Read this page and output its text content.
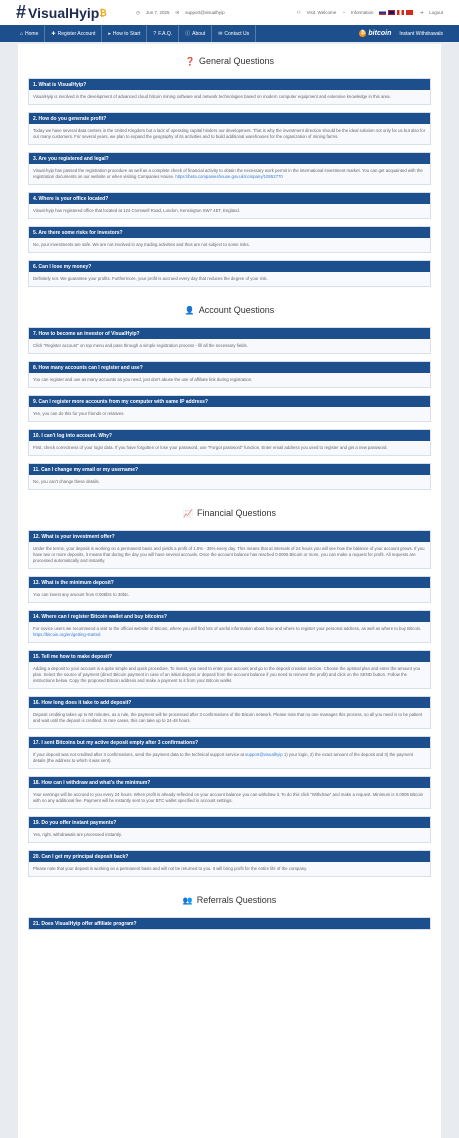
# VisualHyip ₿	◷ Jun 7, 2025 ✉ support@visualhyip	⚇ Visit. Welcome ◔ Information	⇥ Logout
⌂ Home	✚ Register Account	▸ How to Start	? F.A.Q.	ⓘ About	✉ Contact Us	₿ bitcoin Instant Withdrawals
❓ General Questions
1. What is VisualHyip?
VisualHyip is involved in the development of advanced cloud bitcoin mining software and network technologies based on modern computer equipment and extensive knowledge in this area.
2. How do you generate profit?
Today we have several data centers in the United Kingdom but a lack of operating capital hinders our development. That is why the investment direction should be the ideal solution not only for us but also for our many customers. For several years, we plan to expand the geography of its activities and to build additional warehouses for the organization of mining farms.
3. Are you registered and legal?
Visual-hyip has passed the registration procedure as well as a complete check of financial activity to obtain the necessary work permit in the international investment market. You can get acquainted with the registration documents on our website or when visiting Companies House. https://beta.companieshouse.gov.uk/company/10852770
4. Where is your office located?
Visual-hyip has registered office that located at 124 Cromwell Road, London, Kensington SW7 4ET, England.
5. Are there some risks for investors?
No, your investments are safe. We are not involved in any trading activities and thus are not subject to some risks.
6. Can I lose my money?
Definitely not. We guarantee your profits. Furthermore, your profit is accrued every day that reduces the degree of your risk.
👤 Account Questions
7. How to become an investor of VisualHyip?
Click "Register account" on top menu and pass through a simple registration process - fill all the necessary fields.
8. How many accounts can I register and use?
You can register and use as many accounts as you need, just don't abuse the use of affiliate link during registration.
9. Can I register more accounts from my computer with same IP address?
Yes, you can do this for your friends or relatives.
10. I can't log into account. Why?
First, check correctness of your login data. If you have forgotten or lose your password, use "Forgot password" function. Enter email address you used to register and get a new password.
11. Can I change my email or my username?
No, you can't change these details.
📈 Financial Questions
12. What is your investment offer?
Under the terms, your deposit is working on a permanent basis and yields a profit of 1.5% - 35% every day. This means that at intervals of 24 hours you will see how the balance of your account grows. If you have two or more deposits, it means that during the day you will have several accruals. Once the account balance has reached 0.0005 Bitcoin or more, you can make a request for profit. All requests are processed automatically and instantly.
13. What is the minimum deposit?
You can invest any amount from 0.005btc to 30btc.
14. Where can I register Bitcoin wallet and buy bitcoins?
For novice users we recommend a visit to the official website of Bitcoin, where you will find lots of useful information about how and where to register your personal address, as well as where to buy Bitcoin. https://bitcoin.org/en/getting-started
15. Tell me how to make deposit?
Adding a deposit to your account is a quite simple and quick procedure. To invest, you need to enter your account and go to the deposit creation section. Choose the optimal plan and enter the amount you plan. Select the source of payment (direct Bitcoin payment in case of an initial deposit or deposit from the account balance if you need to reinvest the profit) and click on the SEND button. Follow the instructions below. Copy the proposed Bitcoin address and make a payment to it from your Bitcoin wallet.
16. How long does it take to add deposit?
Deposit crediting takes up to 60 minutes, as a rule, the payment will be processed after 3 confirmations of the Bitcoin network. Please note that no one manages this process, so all you need is to be patient and wait until the deposit is credited. In rare cases, this can take up to 24-48 hours.
17. I sent Bitcoins but my active deposit empty after 3 confirmations?
If your deposit was not credited after 3 confirmations, send the payment data to the technical support service at support@visualhyip 1) your login, 2) the exact amount of the deposit and 3) the payment details (the address to which it was sent).
18. How can I withdraw and what's the minimum?
Your earnings will be accrued to you every 24 hours. When profit is already reflected on your account balance you can withdraw it. To do this click "Withdraw" and make a request. Minimum is 0.0005 Bitcoin with no any additional fee. Payment will be instantly sent to your BTC wallet specified in account settings.
19. Do you offer instant payments?
Yes, right, withdrawals are processed instantly.
20. Can I get my principal deposit back?
Please note that your deposit is working on a permanent basis and will not be returned to you. It will bring profit for the entire life of the company.
👥 Referrals Questions
21. Does VisualHyip offer affiliate program?
